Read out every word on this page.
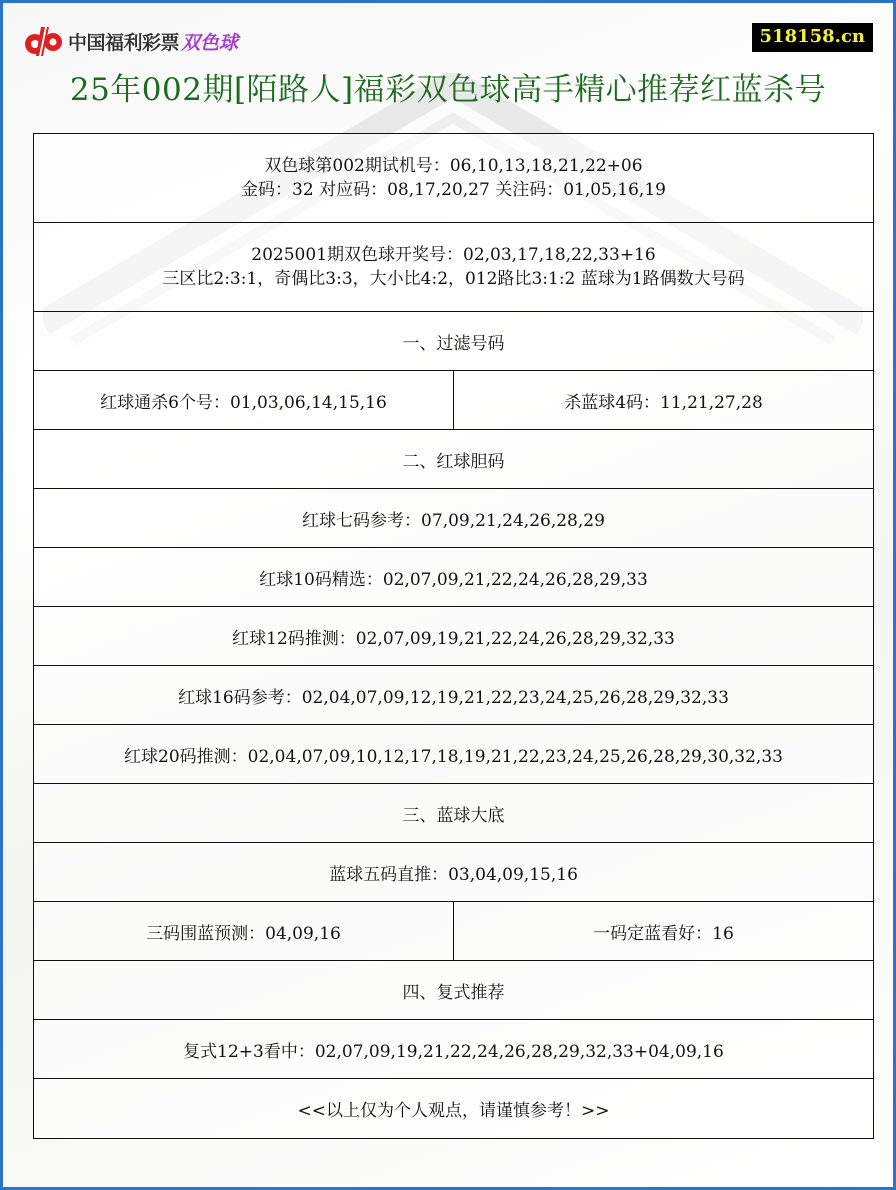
中国福利彩票 双色球	518158.cn
25年002期[陌路人]福彩双色球高手精心推荐红蓝杀号
双色球第002期试机号：06,10,13,18,21,22+06
金码：32 对应码：08,17,20,27 关注码：01,05,16,19	

2025001期双色球开奖号：02,03,17,18,22,33+16
三区比2:3:1，奇偶比3:3，大小比4:2，012路比3:1:2 蓝球为1路偶数大号码	

一、过滤号码	
红球通杀6个号：01,03,06,14,15,16	杀蓝球4码：11,21,27,28
二、红球胆码	
红球七码参考：07,09,21,24,26,28,29	
红球10码精选：02,07,09,21,22,24,26,28,29,33	
红球12码推测：02,07,09,19,21,22,24,26,28,29,32,33	
红球16码参考：02,04,07,09,12,19,21,22,23,24,25,26,28,29,32,33	
红球20码推测：02,04,07,09,10,12,17,18,19,21,22,23,24,25,26,28,29,30,32,33	
三、蓝球大底	
蓝球五码直推：03,04,09,15,16	
三码围蓝预测：04,09,16	一码定蓝看好：16
四、复式推荐	
复式12+3看中：02,07,09,19,21,22,24,26,28,29,32,33+04,09,16	
<<以上仅为个人观点，请谨慎参考！>>	
